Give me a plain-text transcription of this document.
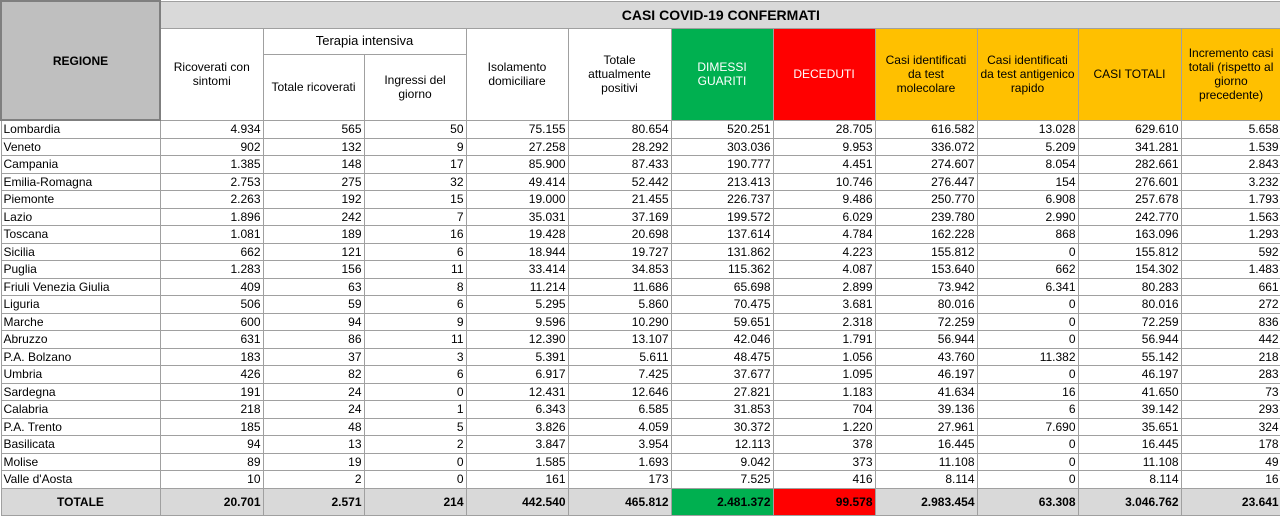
REGIONE	CASI COVID-19 CONFERMATI										
	Ricoverati con sintomi	Terapia intensiva		Isolamento domiciliare	Totale attualmente positivi	DIMESSI GUARITI	DECEDUTI	Casi identificati da test molecolare	Casi identificati da test antigenico rapido	CASI TOTALI	Incremento casi totali (rispetto al giorno precedente)
		Totale ricoverati	Ingressi del giorno								
Lombardia	4.934	565	50	75.155	80.654	520.251	28.705	616.582	13.028	629.610	5.658
Veneto	902	132	9	27.258	28.292	303.036	9.953	336.072	5.209	341.281	1.539
Campania	1.385	148	17	85.900	87.433	190.777	4.451	274.607	8.054	282.661	2.843
Emilia-Romagna	2.753	275	32	49.414	52.442	213.413	10.746	276.447	154	276.601	3.232
Piemonte	2.263	192	15	19.000	21.455	226.737	9.486	250.770	6.908	257.678	1.793
Lazio	1.896	242	7	35.031	37.169	199.572	6.029	239.780	2.990	242.770	1.563
Toscana	1.081	189	16	19.428	20.698	137.614	4.784	162.228	868	163.096	1.293
Sicilia	662	121	6	18.944	19.727	131.862	4.223	155.812	0	155.812	592
Puglia	1.283	156	11	33.414	34.853	115.362	4.087	153.640	662	154.302	1.483
Friuli Venezia Giulia	409	63	8	11.214	11.686	65.698	2.899	73.942	6.341	80.283	661
Liguria	506	59	6	5.295	5.860	70.475	3.681	80.016	0	80.016	272
Marche	600	94	9	9.596	10.290	59.651	2.318	72.259	0	72.259	836
Abruzzo	631	86	11	12.390	13.107	42.046	1.791	56.944	0	56.944	442
P.A. Bolzano	183	37	3	5.391	5.611	48.475	1.056	43.760	11.382	55.142	218
Umbria	426	82	6	6.917	7.425	37.677	1.095	46.197	0	46.197	283
Sardegna	191	24	0	12.431	12.646	27.821	1.183	41.634	16	41.650	73
Calabria	218	24	1	6.343	6.585	31.853	704	39.136	6	39.142	293
P.A. Trento	185	48	5	3.826	4.059	30.372	1.220	27.961	7.690	35.651	324
Basilicata	94	13	2	3.847	3.954	12.113	378	16.445	0	16.445	178
Molise	89	19	0	1.585	1.693	9.042	373	11.108	0	11.108	49
Valle d'Aosta	10	2	0	161	173	7.525	416	8.114	0	8.114	16
TOTALE	20.701	2.571	214	442.540	465.812	2.481.372	99.578	2.983.454	63.308	3.046.762	23.641
